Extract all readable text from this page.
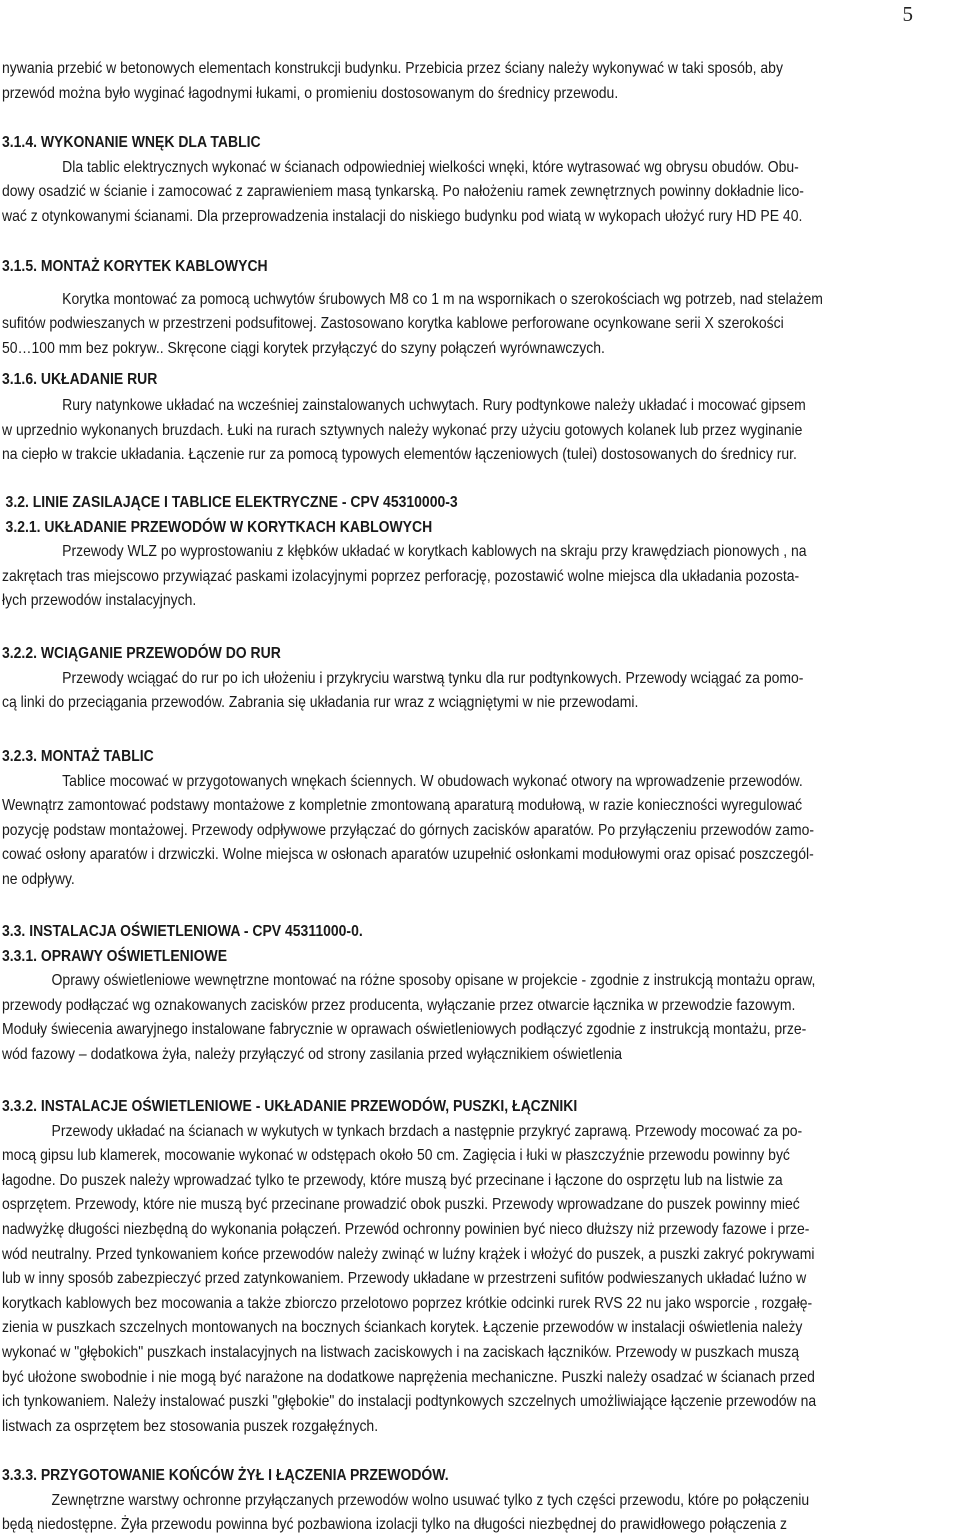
5
nywania przebić w betonowych elementach konstrukcji budynku. Przebicia przez ściany należy wykonywać w taki sposób, aby
przewód można było wyginać łagodnymi łukami, o promieniu dostosowanym do średnicy przewodu.
3.1.4. WYKONANIE WNĘK DLA TABLIC
Dla tablic elektrycznych wykonać w ścianach odpowiedniej wielkości wnęki, które wytrasować wg obrysu obudów. Obu-
dowy osadzić w ścianie i zamocować z zaprawieniem masą tynkarską. Po nałożeniu ramek zewnętrznych powinny dokładnie lico-
wać z otynkowanymi ścianami. Dla przeprowadzenia instalacji do niskiego budynku pod wiatą w wykopach ułożyć rury HD PE 40.
3.1.5. MONTAŻ KORYTEK KABLOWYCH
Korytka montować za pomocą uchwytów śrubowych M8 co 1 m na wspornikach o szerokościach wg potrzeb, nad stelażem
sufitów podwieszanych w przestrzeni podsufitowej. Zastosowano korytka kablowe perforowane ocynkowane serii X szerokości
50…100 mm bez pokryw.. Skręcone ciągi korytek przyłączyć do szyny połączeń wyrównawczych.
3.1.6. UKŁADANIE RUR
Rury natynkowe układać na wcześniej zainstalowanych uchwytach. Rury podtynkowe należy układać i mocować gipsem
w uprzednio wykonanych bruzdach. Łuki na rurach sztywnych należy wykonać przy użyciu gotowych kolanek lub przez wyginanie
na ciepło w trakcie układania. Łączenie rur za pomocą typowych elementów łączeniowych (tulei) dostosowanych do średnicy rur.
3.2. LINIE ZASILAJĄCE I TABLICE ELEKTRYCZNE - CPV 45310000-3
3.2.1. UKŁADANIE PRZEWODÓW W KORYTKACH KABLOWYCH
Przewody WLZ po wyprostowaniu z kłębków układać w korytkach kablowych na skraju przy krawędziach pionowych , na
zakrętach tras miejscowo przywiązać paskami izolacyjnymi poprzez perforację, pozostawić wolne miejsca dla układania pozosta-
łych przewodów instalacyjnych.
3.2.2. WCIĄGANIE PRZEWODÓW DO RUR
Przewody wciągać do rur po ich ułożeniu i przykryciu warstwą tynku dla rur podtynkowych. Przewody wciągać za pomo-
cą linki do przeciągania przewodów. Zabrania się układania rur wraz z wciągniętymi w nie przewodami.
3.2.3. MONTAŻ TABLIC
Tablice mocować w przygotowanych wnękach ściennych. W obudowach wykonać otwory na wprowadzenie przewodów.
Wewnątrz zamontować podstawy montażowe z kompletnie zmontowaną aparaturą modułową, w razie konieczności wyregulować
pozycję podstaw montażowej. Przewody odpływowe przyłączać do górnych zacisków aparatów. Po przyłączeniu przewodów zamo-
cować osłony aparatów i drzwiczki. Wolne miejsca w osłonach aparatów uzupełnić osłonkami modułowymi oraz opisać poszczegól-
ne odpływy.
3.3. INSTALACJA OŚWIETLENIOWA - CPV 45311000-0.
3.3.1. OPRAWY OŚWIETLENIOWE
Oprawy oświetleniowe wewnętrzne montować na różne sposoby opisane w projekcie - zgodnie z instrukcją montażu opraw,
przewody podłączać wg oznakowanych zacisków przez producenta, wyłączanie przez otwarcie łącznika w przewodzie fazowym.
Moduły świecenia awaryjnego instalowane fabrycznie w oprawach oświetleniowych podłączyć zgodnie z instrukcją montażu, prze-
wód fazowy – dodatkowa żyła, należy przyłączyć od strony zasilania przed wyłącznikiem oświetlenia
3.3.2. INSTALACJE OŚWIETLENIOWE - UKŁADANIE PRZEWODÓW, PUSZKI, ŁĄCZNIKI
Przewody układać na ścianach w wykutych w tynkach brzdach a następnie przykryć zaprawą. Przewody mocować za po-
mocą gipsu lub klamerek, mocowanie wykonać w odstępach około 50 cm. Zagięcia i łuki w płaszczyźnie przewodu powinny być
łagodne. Do puszek należy wprowadzać tylko te przewody, które muszą być przecinane i łączone do osprzętu lub na listwie za
osprzętem. Przewody, które nie muszą być przecinane prowadzić obok puszki. Przewody wprowadzane do puszek powinny mieć
nadwyżkę długości niezbędną do wykonania połączeń. Przewód ochronny powinien być nieco dłuższy niż przewody fazowe i prze-
wód neutralny. Przed tynkowaniem końce przewodów należy zwinąć w luźny krążek i włożyć do puszek, a puszki zakryć pokrywami
lub w inny sposób zabezpieczyć przed zatynkowaniem. Przewody układane w przestrzeni sufitów podwieszanych układać luźno w
korytkach kablowych bez mocowania a także zbiorczo przelotowo poprzez krótkie odcinki rurek RVS 22 nu jako wsporcie , rozgałę-
zienia w puszkach szczelnych montowanych na bocznych ściankach korytek. Łączenie przewodów w instalacji oświetlenia należy
wykonać w "głębokich" puszkach instalacyjnych na listwach zaciskowych i na zaciskach łączników. Przewody w puszkach muszą
być ułożone swobodnie i nie mogą być narażone na dodatkowe naprężenia mechaniczne. Puszki należy osadzać w ścianach przed
ich tynkowaniem. Należy instalować puszki "głębokie" do instalacji podtynkowych szczelnych umożliwiające łączenie przewodów na
listwach za osprzętem bez stosowania puszek rozgałęźnych.
3.3.3. PRZYGOTOWANIE KOŃCÓW ŻYŁ I ŁĄCZENIA PRZEWODÓW.
Zewnętrzne warstwy ochronne przyłączanych przewodów wolno usuwać tylko z tych części przewodu, które po połączeniu
będą niedostępne. Żyła przewodu powinna być pozbawiona izolacji tylko na długości niezbędnej do prawidłowego połączenia z
